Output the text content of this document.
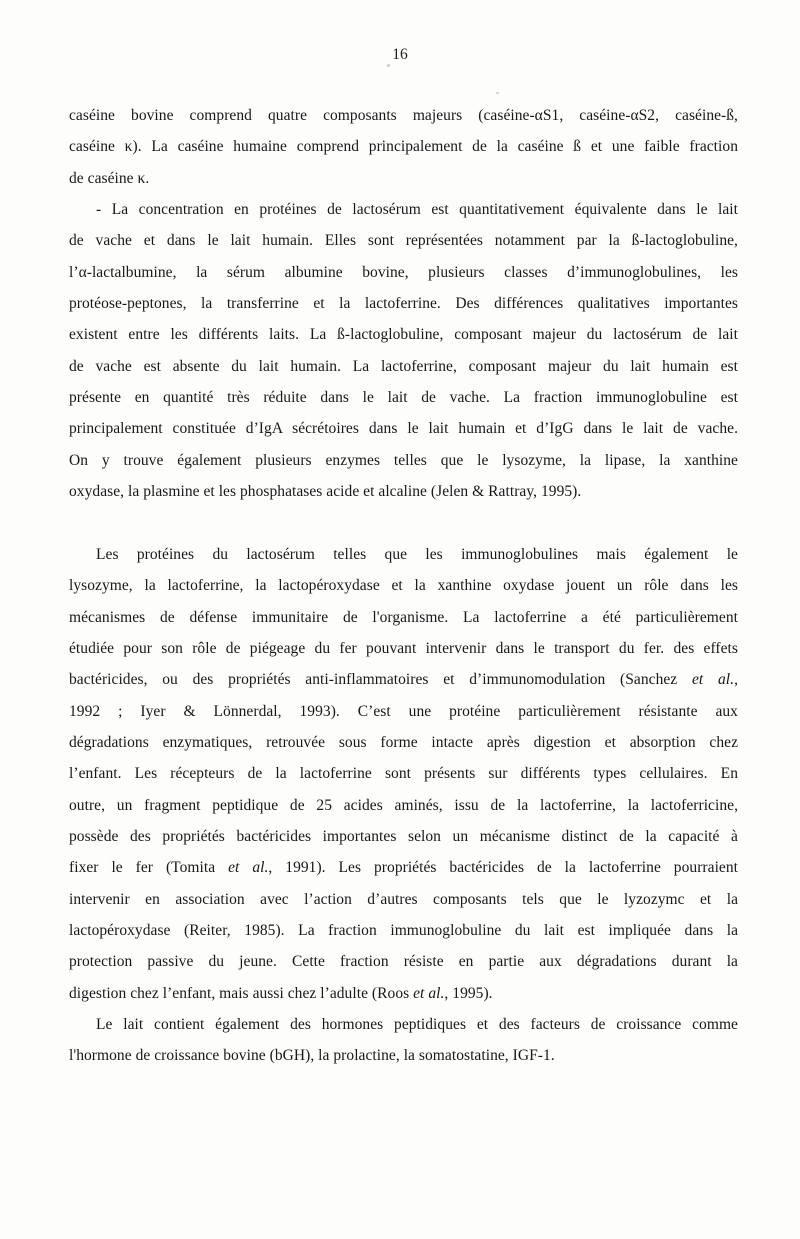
16
caséine bovine comprend quatre composants majeurs (caséine-αS1, caséine-αS2, caséine-ß,
caséine κ). La caséine humaine comprend principalement de la caséine ß et une faible fraction
de caséine κ.
- La concentration en protéines de lactosérum est quantitativement équivalente dans le lait
de vache et dans le lait humain. Elles sont représentées notamment par la ß-lactoglobuline,
l’α-lactalbumine, la sérum albumine bovine, plusieurs classes d’immunoglobulines, les
protéose-peptones, la transferrine et la lactoferrine. Des différences qualitatives importantes
existent entre les différents laits. La ß-lactoglobuline, composant majeur du lactosérum de lait
de vache est absente du lait humain. La lactoferrine, composant majeur du lait humain est
présente en quantité très réduite dans le lait de vache. La fraction immunoglobuline est
principalement constituée d’IgA sécrétoires dans le lait humain et d’IgG dans le lait de vache.
On y trouve également plusieurs enzymes telles que le lysozyme, la lipase, la xanthine
oxydase, la plasmine et les phosphatases acide et alcaline (Jelen & Rattray, 1995).
Les protéines du lactosérum telles que les immunoglobulines mais également le
lysozyme, la lactoferrine, la lactopéroxydase et la xanthine oxydase jouent un rôle dans les
mécanismes de défense immunitaire de l'organisme. La lactoferrine a été particulièrement
étudiée pour son rôle de piégeage du fer pouvant intervenir dans le transport du fer. des effets
bactéricides, ou des propriétés anti-inflammatoires et d’immunomodulation (Sanchez et al.,
1992 ; Iyer & Lönnerdal, 1993). C’est une protéine particulièrement résistante aux
dégradations enzymatiques, retrouvée sous forme intacte après digestion et absorption chez
l’enfant. Les récepteurs de la lactoferrine sont présents sur différents types cellulaires. En
outre, un fragment peptidique de 25 acides aminés, issu de la lactoferrine, la lactoferricine,
possède des propriétés bactéricides importantes selon un mécanisme distinct de la capacité à
fixer le fer (Tomita et al., 1991). Les propriétés bactéricides de la lactoferrine pourraient
intervenir en association avec l’action d’autres composants tels que le lyzozymc et la
lactopéroxydase (Reiter, 1985). La fraction immunoglobuline du lait est impliquée dans la
protection passive du jeune. Cette fraction résiste en partie aux dégradations durant la
digestion chez l’enfant, mais aussi chez l’adulte (Roos et al., 1995).
Le lait contient également des hormones peptidiques et des facteurs de croissance comme
l'hormone de croissance bovine (bGH), la prolactine, la somatostatine, IGF-1.
